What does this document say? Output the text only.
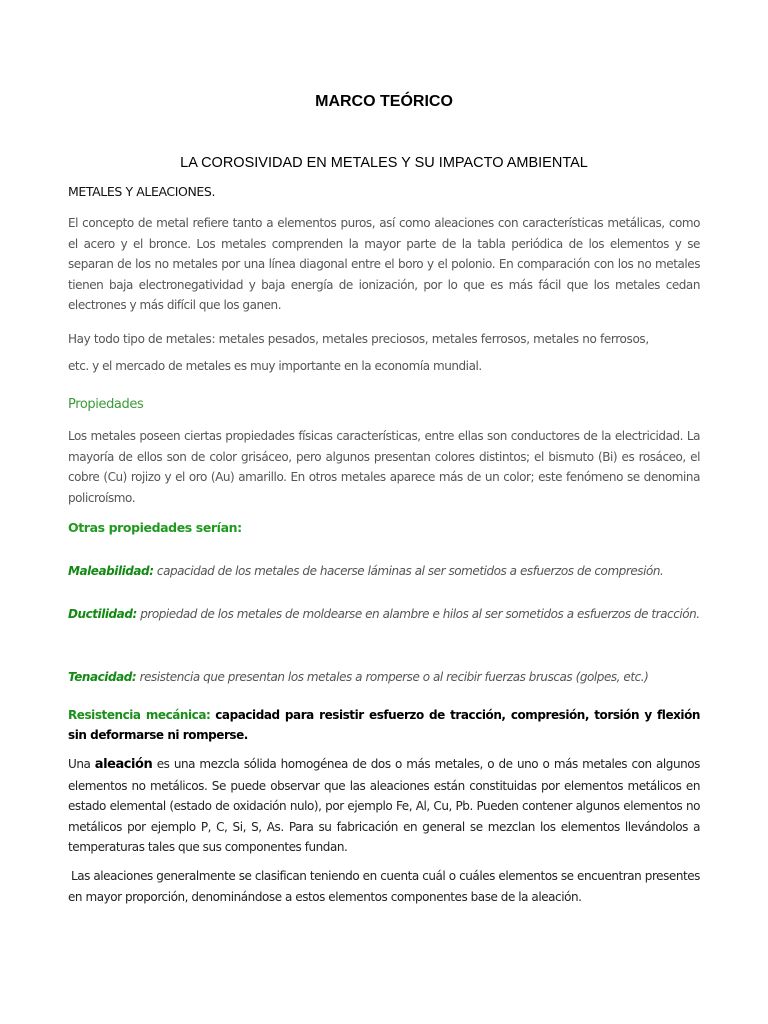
MARCO TEÓRICO
LA COROSIVIDAD EN METALES Y SU IMPACTO AMBIENTAL
METALES Y ALEACIONES.

El concepto de metal refiere tanto a elementos puros, así como aleaciones con características metálicas, como el acero y el bronce. Los metales comprenden la mayor parte de la tabla periódica de los elementos y se separan de los no metales por una línea diagonal entre el boro y el polonio. En comparación con los no metales tienen baja electronegatividad y baja energía de ionización, por lo que es más fácil que los metales cedan electrones y más difícil que los ganen.

Hay todo tipo de metales: metales pesados, metales preciosos, metales ferrosos, metales no ferrosos,

etc. y el mercado de metales es muy importante en la economía mundial.

Propiedades

Los metales poseen ciertas propiedades físicas características, entre ellas son conductores de la electricidad. La mayoría de ellos son de color grisáceo, pero algunos presentan colores distintos; el bismuto (Bi) es rosáceo, el cobre (Cu) rojizo y el oro (Au) amarillo. En otros metales aparece más de un color; este fenómeno se denomina policroísmo.

Otras propiedades serían:

Maleabilidad: capacidad de los metales de hacerse láminas al ser sometidos a esfuerzos de compresión.

Ductilidad: propiedad de los metales de moldearse en alambre e hilos al ser sometidos a esfuerzos de tracción.

Tenacidad: resistencia que presentan los metales a romperse o al recibir fuerzas bruscas (golpes, etc.)

Resistencia mecánica: capacidad para resistir esfuerzo de tracción, compresión, torsión y flexión sin deformarse ni romperse.

Una aleación es una mezcla sólida homogénea de dos o más metales, o de uno o más metales con algunos elementos no metálicos. Se puede observar que las aleaciones están constituidas por elementos metálicos en estado elemental (estado de oxidación nulo), por ejemplo Fe, Al, Cu, Pb. Pueden contener algunos elementos no metálicos por ejemplo P, C, Si, S, As. Para su fabricación en general se mezclan los elementos llevándolos a temperaturas tales que sus componentes fundan.

Las aleaciones generalmente se clasifican teniendo en cuenta cuál o cuáles elementos se encuentran presentes en mayor proporción, denominándose a estos elementos componentes base de la aleación.
